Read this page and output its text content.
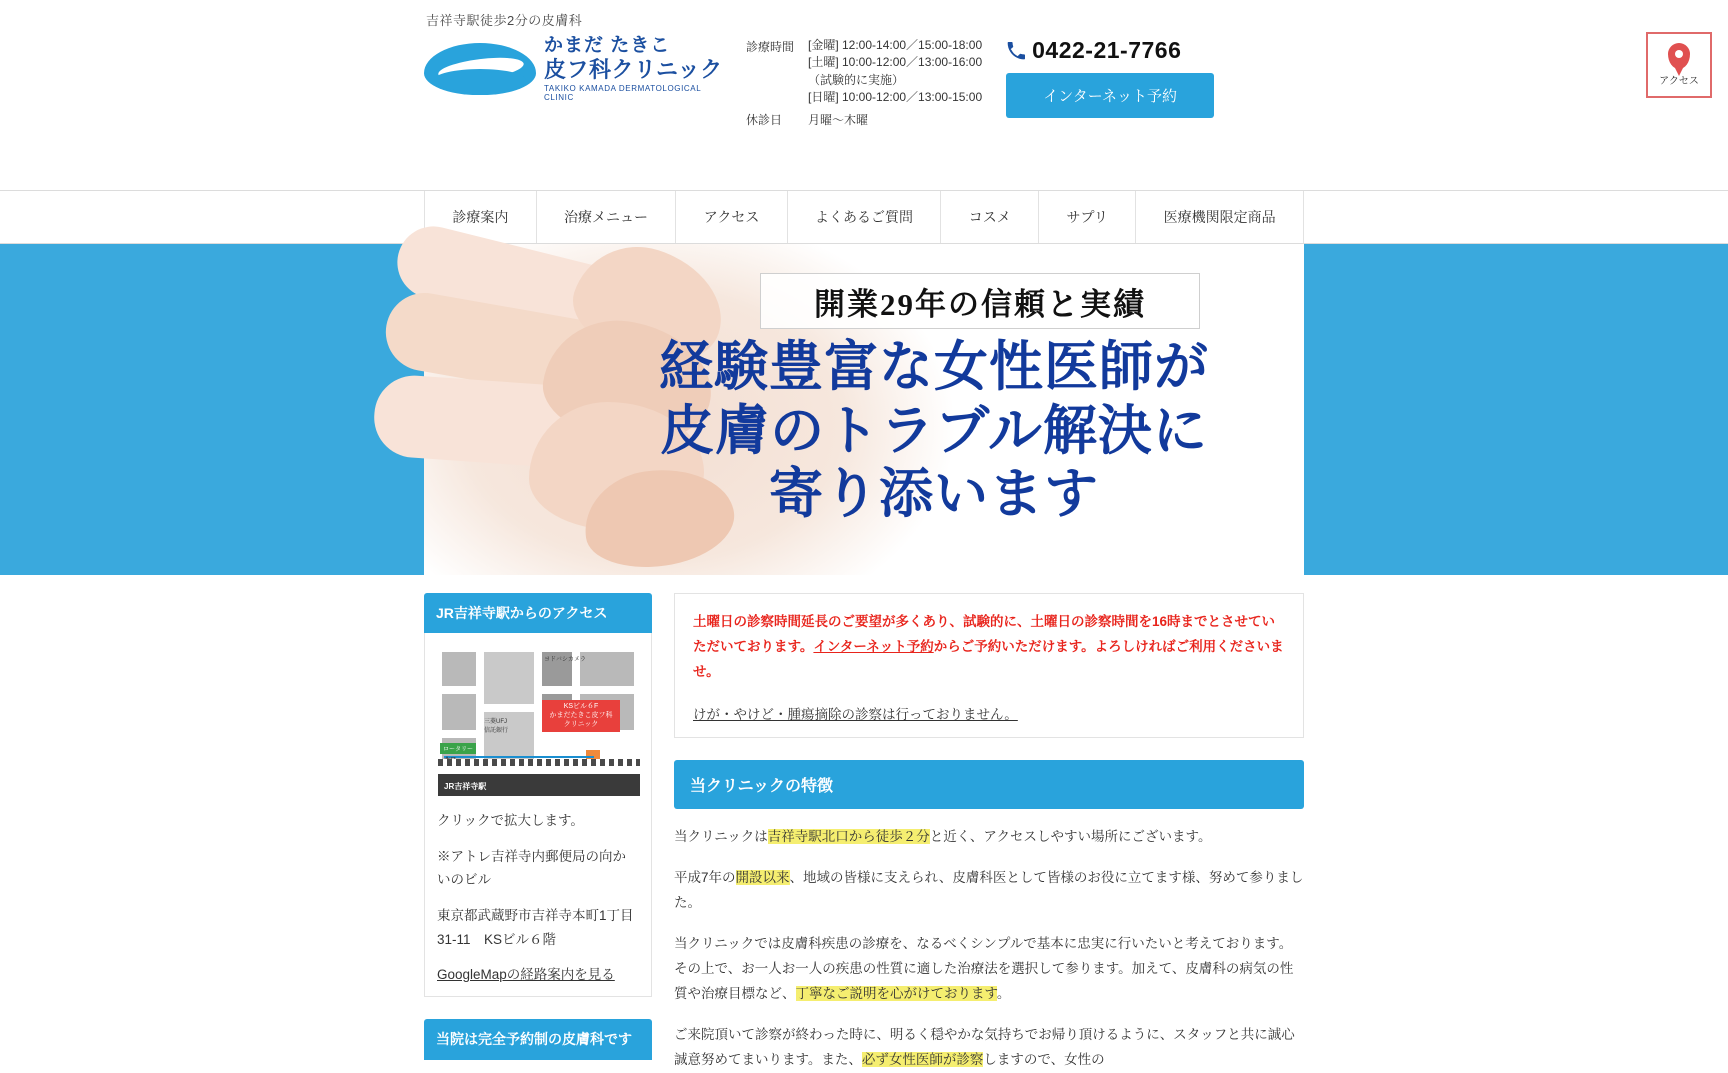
吉祥寺駅徒歩2分の皮膚科
かまだ たきこ
皮フ科クリニック
TAKIKO KAMADA DERMATOLOGICAL CLINIC
診療時間	[金曜] 12:00-14:00／15:00-18:00
[土曜] 10:00-12:00／13:00-16:00
（試験的に実施）
[日曜] 10:00-12:00／13:00-15:00
休診日	月曜～木曜
0422-21-7766
インターネット予約
アクセス
診療案内	治療メニュー	アクセス	よくあるご質問	コスメ	サプリ	医療機関限定商品
開業29年の信頼と実績
経験豊富な女性医師が
皮膚のトラブル解決に
寄り添います
JR吉祥寺駅からのアクセス
ヨドバシカメラ
三菱UFJ
信託銀行
KSビル６F
かまだたきこ皮フ科
クリニック
ロータリー
JR吉祥寺駅

クリックで拡大します。

※アトレ吉祥寺内郵便局の向かいのビル

東京都武蔵野市吉祥寺本町1丁目31-11　KSビル６階

GoogleMapの経路案内を見る
当院は完全予約制の皮膚科です

土曜日の診察時間延長のご要望が多くあり、試験的に、土曜日の診察時間を16時までとさせていただいております。インターネット予約からご予約いただけます。よろしければご利用くださいませ。

けが・やけど・腫瘍摘除の診察は行っておりません。

当クリニックの特徴

当クリニックは吉祥寺駅北口から徒歩２分と近く、アクセスしやすい場所にございます。

平成7年の開設以来、地域の皆様に支えられ、皮膚科医として皆様のお役に立てます様、努めて参りました。

当クリニックでは皮膚科疾患の診療を、なるべくシンプルで基本に忠実に行いたいと考えております。その上で、お一人お一人の疾患の性質に適した治療法を選択して参ります。加えて、皮膚科の病気の性質や治療目標など、丁寧なご説明を心がけております。

ご来院頂いて診察が終わった時に、明るく穏やかな気持ちでお帰り頂けるように、スタッフと共に誠心誠意努めてまいります。また、必ず女性医師が診察しますので、女性の
